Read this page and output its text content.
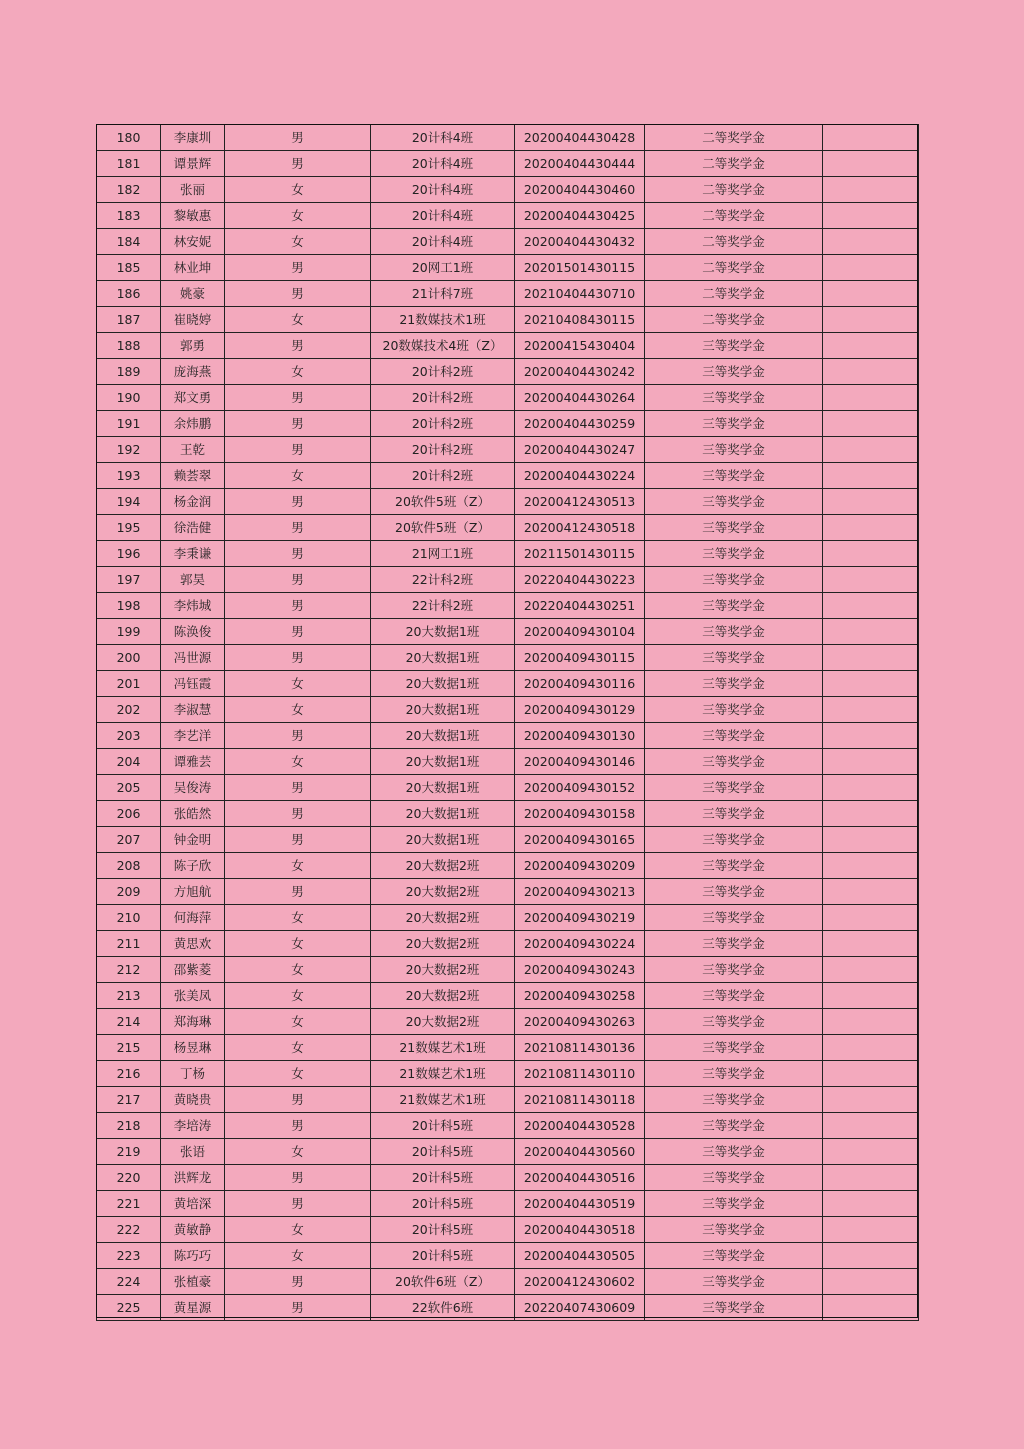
180	李康圳	男	20计科4班	20200404430428	二等奖学金	
181	谭景辉	男	20计科4班	20200404430444	二等奖学金	
182	张丽	女	20计科4班	20200404430460	二等奖学金	
183	黎敏惠	女	20计科4班	20200404430425	二等奖学金	
184	林安妮	女	20计科4班	20200404430432	二等奖学金	
185	林业坤	男	20网工1班	20201501430115	二等奖学金	
186	姚豪	男	21计科7班	20210404430710	二等奖学金	
187	崔晓婷	女	21数媒技术1班	20210408430115	二等奖学金	
188	郭勇	男	20数媒技术4班（Z）	20200415430404	三等奖学金	
189	庞海燕	女	20计科2班	20200404430242	三等奖学金	
190	郑文勇	男	20计科2班	20200404430264	三等奖学金	
191	余炜鹏	男	20计科2班	20200404430259	三等奖学金	
192	王乾	男	20计科2班	20200404430247	三等奖学金	
193	赖荟翠	女	20计科2班	20200404430224	三等奖学金	
194	杨金润	男	20软件5班（Z）	20200412430513	三等奖学金	
195	徐浩健	男	20软件5班（Z）	20200412430518	三等奖学金	
196	李秉谦	男	21网工1班	20211501430115	三等奖学金	
197	郭昊	男	22计科2班	20220404430223	三等奖学金	
198	李炜城	男	22计科2班	20220404430251	三等奖学金	
199	陈涣俊	男	20大数据1班	20200409430104	三等奖学金	
200	冯世源	男	20大数据1班	20200409430115	三等奖学金	
201	冯钰霞	女	20大数据1班	20200409430116	三等奖学金	
202	李淑慧	女	20大数据1班	20200409430129	三等奖学金	
203	李艺洋	男	20大数据1班	20200409430130	三等奖学金	
204	谭雅芸	女	20大数据1班	20200409430146	三等奖学金	
205	吴俊涛	男	20大数据1班	20200409430152	三等奖学金	
206	张皓然	男	20大数据1班	20200409430158	三等奖学金	
207	钟金明	男	20大数据1班	20200409430165	三等奖学金	
208	陈子欣	女	20大数据2班	20200409430209	三等奖学金	
209	方旭航	男	20大数据2班	20200409430213	三等奖学金	
210	何海萍	女	20大数据2班	20200409430219	三等奖学金	
211	黄思欢	女	20大数据2班	20200409430224	三等奖学金	
212	邵紫菱	女	20大数据2班	20200409430243	三等奖学金	
213	张美凤	女	20大数据2班	20200409430258	三等奖学金	
214	郑海琳	女	20大数据2班	20200409430263	三等奖学金	
215	杨昱琳	女	21数媒艺术1班	20210811430136	三等奖学金	
216	丁杨	女	21数媒艺术1班	20210811430110	三等奖学金	
217	黄晓贵	男	21数媒艺术1班	20210811430118	三等奖学金	
218	李培涛	男	20计科5班	20200404430528	三等奖学金	
219	张语	女	20计科5班	20200404430560	三等奖学金	
220	洪辉龙	男	20计科5班	20200404430516	三等奖学金	
221	黄培深	男	20计科5班	20200404430519	三等奖学金	
222	黄敏静	女	20计科5班	20200404430518	三等奖学金	
223	陈巧巧	女	20计科5班	20200404430505	三等奖学金	
224	张植豪	男	20软件6班（Z）	20200412430602	三等奖学金	
225	黄星源	男	22软件6班	20220407430609	三等奖学金	
